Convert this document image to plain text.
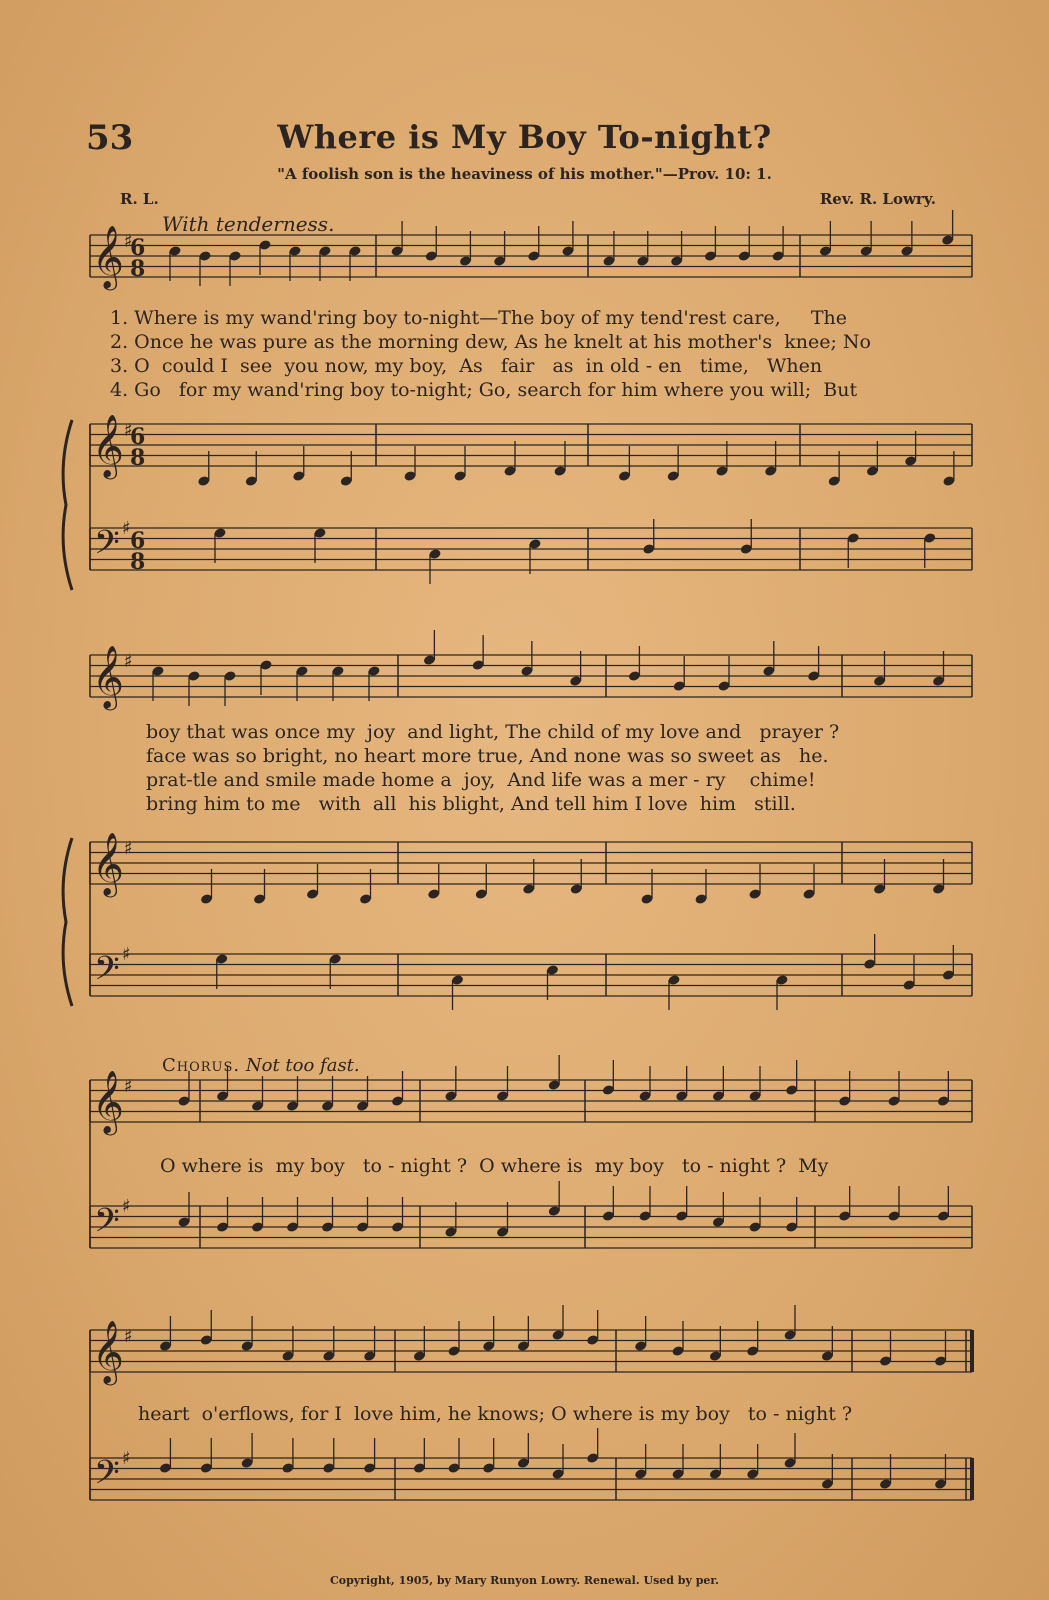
53	Where is My Boy To-night?
"A foolish son is the heaviness of his mother."—Prov. 10: 1.
R. L.	Rev. R. Lowry.
With tenderness.
Chorus. Not too fast.
1. Where is my wand'ring boy to-night—The boy of my tend'rest care,     The
2. Once he was pure as the morning dew, As he knelt at his mother's  knee; No
3. O  could I  see  you now, my boy,  As   fair   as  in old - en   time,   When
4. Go   for my wand'ring boy to-night; Go, search for him where you will;  But
boy that was once my  joy  and light, The child of my love and   prayer ?
face was so bright, no heart more true, And none was so sweet as   he.
prat-tle and smile made home a  joy,  And life was a mer - ry    chime!
bring him to me   with  all  his blight, And tell him I love  him   still.
O where is  my boy   to - night ?  O where is  my boy   to - night ?  My
heart  o'erflows, for I  love him, he knows; O where is my boy   to - night ?
Copyright, 1905, by Mary Runyon Lowry. Renewal. Used by per.
𝄞 ♯
6
8
𝄞 ♯
6
8
𝄢 ♯ 6
8
𝄞 ♯
𝄞 ♯
𝄢 ♯
𝄞 ♯
𝄢 ♯
𝄞 ♯
𝄢 ♯
